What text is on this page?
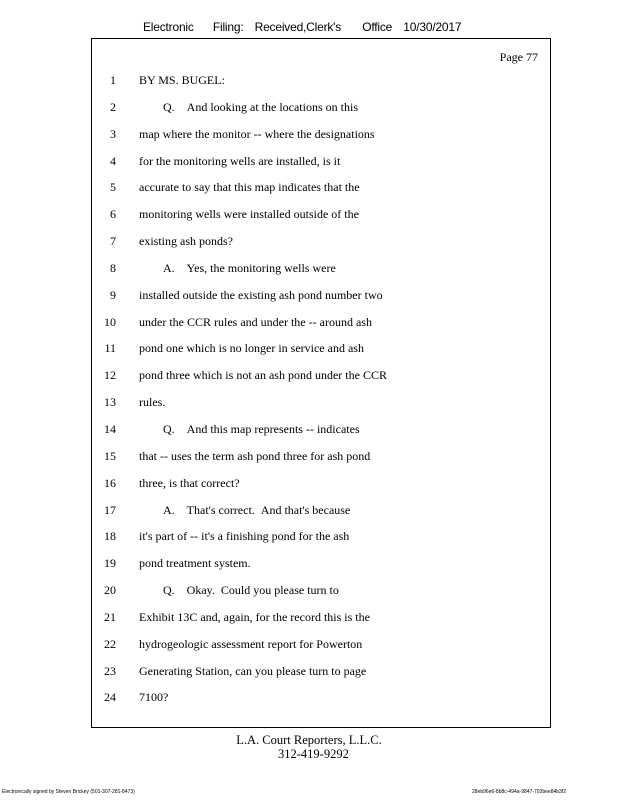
Electronic Filing: Received,Clerk's Office 10/30/2017
Page 77
1 BY MS. BUGEL:
2 Q.    And looking at the locations on this
3 map where the monitor -- where the designations
4 for the monitoring wells are installed, is it
5 accurate to say that this map indicates that the
6 monitoring wells were installed outside of the
7 existing ash ponds?
8 A.    Yes, the monitoring wells were
9 installed outside the existing ash pond number two
10 under the CCR rules and under the -- around ash
11 pond one which is no longer in service and ash
12 pond three which is not an ash pond under the CCR
13 rules.
14 Q.    And this map represents -- indicates
15 that -- uses the term ash pond three for ash pond
16 three, is that correct?
17 A.    That's correct.  And that's because
18 it's part of -- it's a finishing pond for the ash
19 pond treatment system.
20 Q.    Okay.  Could you please turn to
21 Exhibit 13C and, again, for the record this is the
22 hydrogeologic assessment report for Powerton
23 Generating Station, can you please turn to page
24 7100?
L.A. Court Reporters, L.L.C.
312-419-9292
Electronically signed by Steven Brickey (501-307-281-8473)	28eb96e6-8b8c-494a-9847-702bee84b3f2
